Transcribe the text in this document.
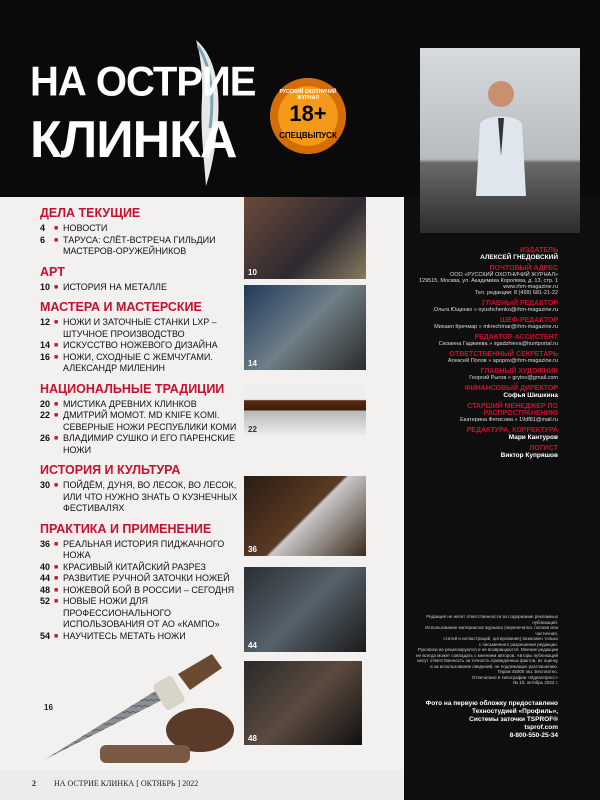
НА ОСТРИЕ
КЛИНКА
РУССКИЙ ОХОТНИЧИЙ ЖУРНАЛ
18+
СПЕЦВЫПУСК
ДЕЛА ТЕКУЩИЕ
4	■ НОВОСТИ
6	■ ТАРУСА: СЛЁТ-ВСТРЕЧА ГИЛЬДИИ МАСТЕРОВ-ОРУЖЕЙНИКОВ
АРТ
10 ■ ИСТОРИЯ НА МЕТАЛЛЕ
МАСТЕРА И МАСТЕРСКИЕ
12 ■ НОЖИ И ЗАТОЧНЫЕ СТАНКИ LXP – ШТУЧНОЕ ПРОИЗВОДСТВО
14 ■ ИСКУССТВО НОЖЕВОГО ДИЗАЙНА
16 ■ НОЖИ, СХОДНЫЕ С ЖЕМЧУГАМИ. АЛЕКСАНДР МИЛЕНИН
НАЦИОНАЛЬНЫЕ ТРАДИЦИИ
20 ■ МИСТИКА ДРЕВНИХ КЛИНКОВ
22 ■ ДМИТРИЙ МОМОТ. MD KNIFE KOMI. СЕВЕРНЫЕ НОЖИ РЕСПУБЛИКИ КОМИ
26 ■ ВЛАДИМИР СУШКО И ЕГО ПАРЕНСКИЕ НОЖИ
ИСТОРИЯ И КУЛЬТУРА
30 ■ ПОЙДЁМ, ДУНЯ, ВО ЛЕСОК, ВО ЛЕСОК, ИЛИ ЧТО НУЖНО ЗНАТЬ О КУЗНЕЧНЫХ ФЕСТИВАЛЯХ
ПРАКТИКА И ПРИМЕНЕНИЕ
36 ■ РЕАЛЬНАЯ ИСТОРИЯ ПИДЖАЧНОГО НОЖА
40 ■ КРАСИВЫЙ КИТАЙСКИЙ РАЗРЕЗ
44 ■ РАЗВИТИЕ РУЧНОЙ ЗАТОЧКИ НОЖЕЙ
48 ■ НОЖЕВОЙ БОЙ В РОССИИ – СЕГОДНЯ
52 ■ НОВЫЕ НОЖИ ДЛЯ ПРОФЕССИОНАЛЬНОГО ИСПОЛЬЗОВАНИЯ ОТ АО «КАМПО»
54 ■ НАУЧИТЕСЬ МЕТАТЬ НОЖИ
10
14
22
36
44
48
16
ИЗДАТЕЛЬ
АЛЕКСЕЙ ГНЕДОВСКИЙ
ПОЧТОВЫЙ АДРЕС
ООО «РУССКИЙ ОХОТНИЧИЙ ЖУРНАЛ»
129515, Москва, ул. Академика Королева, д. 13, стр. 1
www.rhm-magazine.ru
Тел. редакции: 8 (499) 681-21-22
ГЛАВНЫЙ РЕДАКТОР
Ольга Ющенко » oyushchenko@rhm-magazine.ru
ШЕФ-РЕДАКТОР
Михаил Кречмар » mkrechmar@rhm-magazine.ru
РЕДАКТОР-АССИСТЕНТ
Сюзанна Гаджиева » sgadzhieva@huntportal.ru
ОТВЕТСТВЕННЫЙ СЕКРЕТАРЬ
Алексей Попов » apopov@rhm-magazine.ru
ГЛАВНЫЙ ХУДОЖНИК
Георгий Рыгов » grytov@gmail.com
ФИНАНСОВЫЙ ДИРЕКТОР
Софья Шишкина
СТАРШИЙ МЕНЕДЖЕР ПО РАСПРОСТРАНЕНИЮ
Екатерина Фетисова » 19df81@mail.ru
РЕДАКТУРА, КОРРЕКТУРА
Мари Кантуров
ЛОГИСТ
Виктор Купряшов
Редакция не несет ответственности за содержание рекламных публикаций.
Использование материалов журнала (перепечатка, полная или частичная,
статей и иллюстраций, цитирование) возможно только
с письменного разрешения редакции.
Рукописи не рецензируются и не возвращаются. Мнение редакции
не всегда может совпадать с мнением авторов. Авторы публикаций
несут ответственность за точность приведенных фактов, их оценку
и за использование сведений, не подлежащих разглашению.
Тираж 45000 экз. Бесплатно.
Отпечатано в типографии «Идеалпресс»
№ 10, октябрь 2022 г.
Фото на первую обложку предоставлено
Техностудией «Профиль»,
Системы заточки TSPROF®
tsprof.com
8-800-550-25-34
2 НА ОСТРИЕ КЛИНКА [ ОКТЯБРЬ ] 2022
